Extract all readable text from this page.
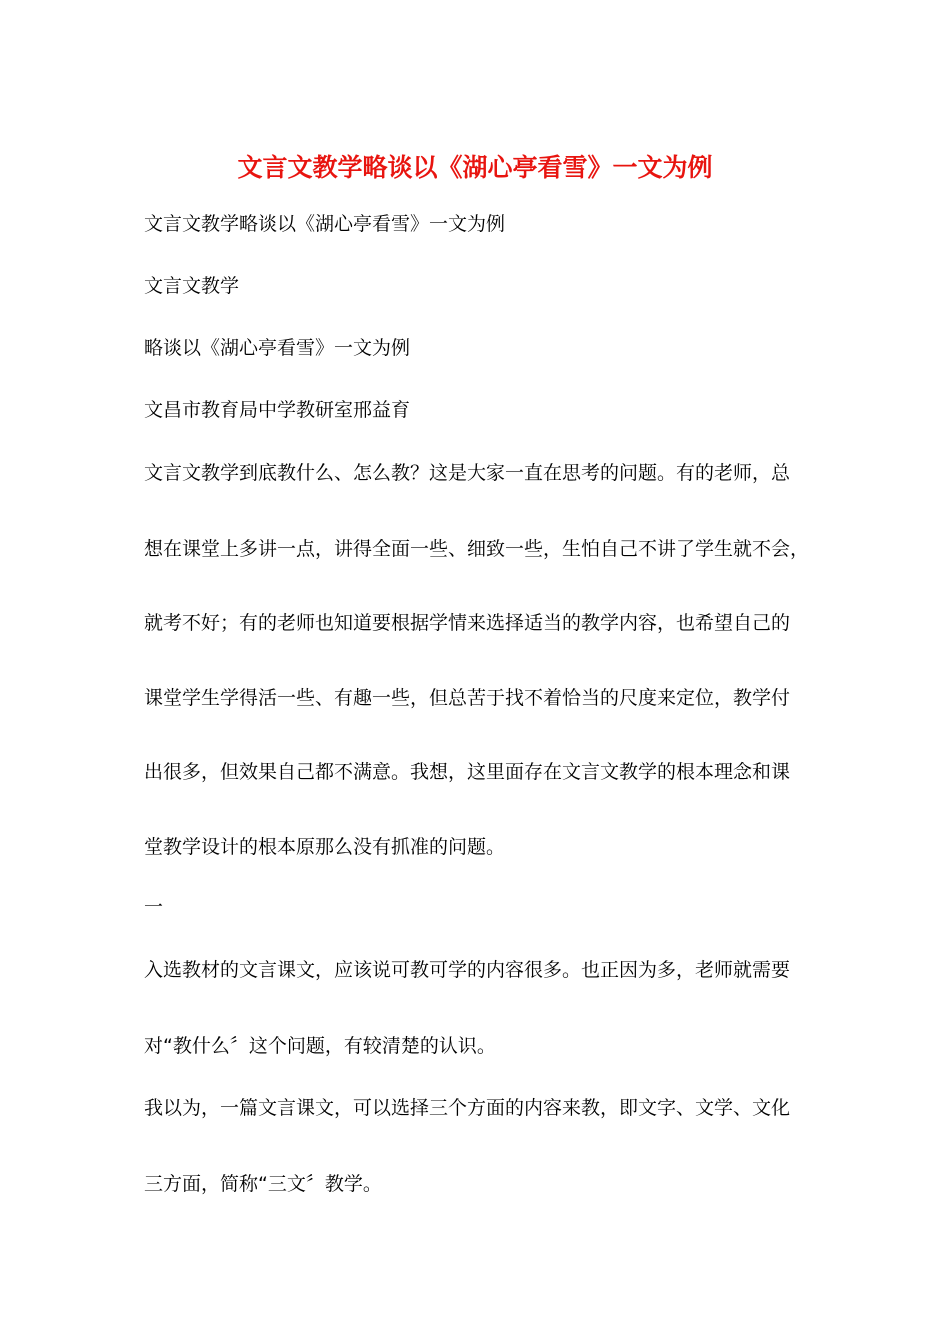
文言文教学略谈以《湖心亭看雪》一文为例
文言文教学略谈以《湖心亭看雪》一文为例
文言文教学
略谈以《湖心亭看雪》一文为例
文昌市教育局中学教研室邢益育
文言文教学到底教什么、怎么教？这是大家一直在思考的问题。有的老师，总
想在课堂上多讲一点，讲得全面一些、细致一些，生怕自己不讲了学生就不会，
就考不好；有的老师也知道要根据学情来选择适当的教学内容，也希望自己的
课堂学生学得活一些、有趣一些，但总苦于找不着恰当的尺度来定位，教学付
出很多，但效果自己都不满意。我想，这里面存在文言文教学的根本理念和课
堂教学设计的根本原那么没有抓准的问题。
一
入选教材的文言课文，应该说可教可学的内容很多。也正因为多，老师就需要
对“教什么〞这个问题，有较清楚的认识。
我以为，一篇文言课文，可以选择三个方面的内容来教，即文字、文学、文化
三方面，简称“三文〞教学。
